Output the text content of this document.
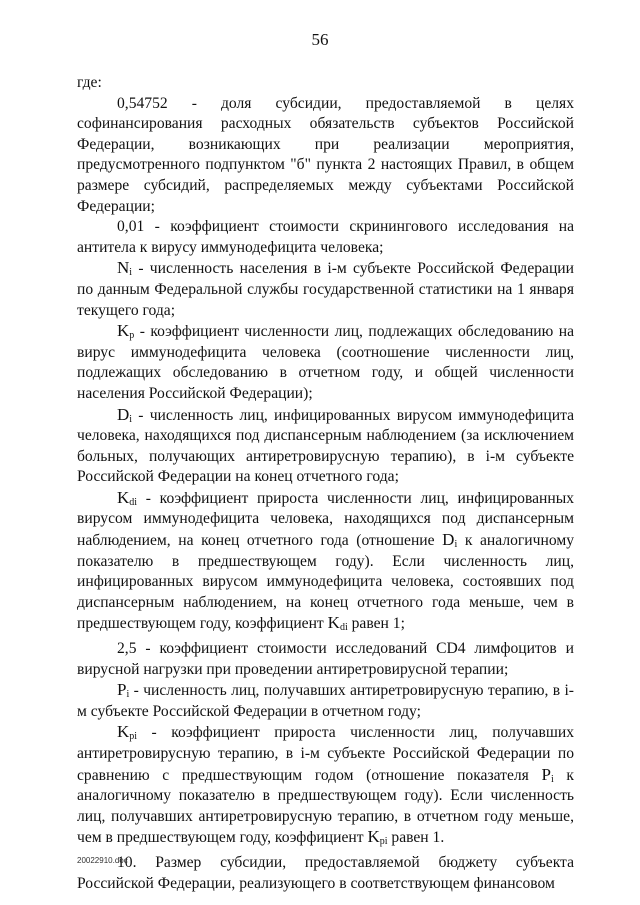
56

где:

0,54752 - доля субсидии, предоставляемой в целях софинансирования расходных обязательств субъектов Российской Федерации, возникающих при реализации мероприятия, предусмотренного подпунктом "б" пункта 2 настоящих Правил, в общем размере субсидий, распределяемых между субъектами Российской Федерации;

0,01 - коэффициент стоимости скринингового исследования на антитела к вирусу иммунодефицита человека;

$N_i$ - численность населения в i-м субъекте Российской Федерации по данным Федеральной службы государственной статистики на 1 января текущего года;

$K_p$ - коэффициент численности лиц, подлежащих обследованию на вирус иммунодефицита человека (соотношение численности лиц, подлежащих обследованию в отчетном году, и общей численности населения Российской Федерации);

$D_i$ - численность лиц, инфицированных вирусом иммунодефицита человека, находящихся под диспансерным наблюдением (за исключением больных, получающих антиретровирусную терапию), в i-м субъекте Российской Федерации на конец отчетного года;

$K_{di}$ - коэффициент прироста численности лиц, инфицированных вирусом иммунодефицита человека, находящихся под диспансерным наблюдением, на конец отчетного года (отношение $D_i$ к аналогичному показателю в предшествующем году). Если численность лиц, инфицированных вирусом иммунодефицита человека, состоявших под диспансерным наблюдением, на конец отчетного года меньше, чем в предшествующем году, коэффициент $K_{di}$ равен 1;

2,5 - коэффициент стоимости исследований CD4 лимфоцитов и вирусной нагрузки при проведении антиретровирусной терапии;

$P_i$ - численность лиц, получавших антиретровирусную терапию, в i-м субъекте Российской Федерации в отчетном году;

$K_{pi}$ - коэффициент прироста численности лиц, получавших антиретровирусную терапию, в i-м субъекте Российской Федерации по сравнению с предшествующим годом (отношение показателя $P_i$ к аналогичному показателю в предшествующем году). Если численность лиц, получавших антиретровирусную терапию, в отчетном году меньше, чем в предшествующем году, коэффициент $K_{pi}$ равен 1.

10. Размер субсидии, предоставляемой бюджету субъекта Российской Федерации, реализующего в соответствующем финансовом

20022910.doc
